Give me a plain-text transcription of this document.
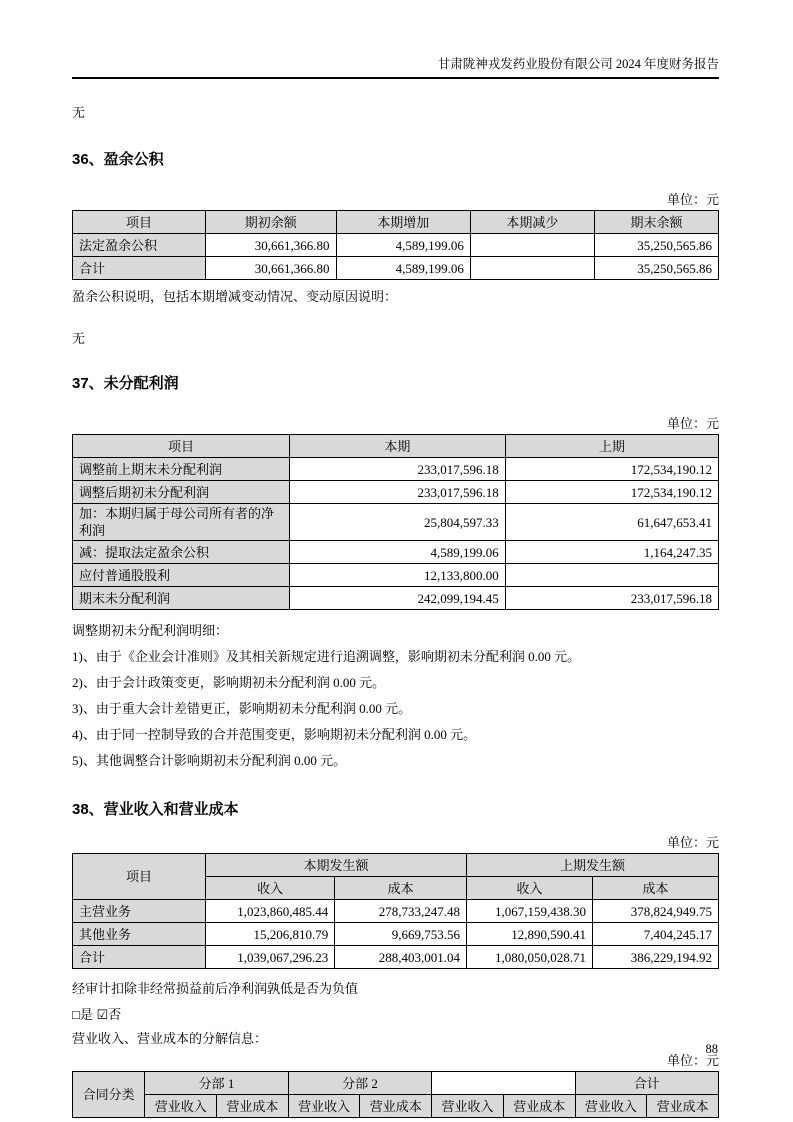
甘肃陇神戎发药业股份有限公司 2024 年度财务报告
无
36、盈余公积
单位：元
项目	期初余额	本期增加	本期减少	期末余额
法定盈余公积	30,661,366.80	4,589,199.06		35,250,565.86
合计	30,661,366.80	4,589,199.06		35,250,565.86
盈余公积说明，包括本期增减变动情况、变动原因说明：
无
37、未分配利润
单位：元
项目	本期	上期
调整前上期末未分配利润	233,017,596.18	172,534,190.12
调整后期初未分配利润	233,017,596.18	172,534,190.12
加：本期归属于母公司所有者的净利润	25,804,597.33	61,647,653.41
减：提取法定盈余公积	4,589,199.06	1,164,247.35
应付普通股股利	12,133,800.00	
期末未分配利润	242,099,194.45	233,017,596.18
调整期初未分配利润明细：
1)、由于《企业会计准则》及其相关新规定进行追溯调整，影响期初未分配利润 0.00 元。
2)、由于会计政策变更，影响期初未分配利润 0.00 元。
3)、由于重大会计差错更正，影响期初未分配利润 0.00 元。
4)、由于同一控制导致的合并范围变更，影响期初未分配利润 0.00 元。
5)、其他调整合计影响期初未分配利润 0.00 元。
38、营业收入和营业成本
单位：元
项目	本期发生额		上期发生额	
	收入	成本	收入	成本
主营业务	1,023,860,485.44	278,733,247.48	1,067,159,438.30	378,824,949.75
其他业务	15,206,810.79	9,669,753.56	12,890,590.41	7,404,245.17
合计	1,039,067,296.23	288,403,001.04	1,080,050,028.71	386,229,194.92
经审计扣除非经常损益前后净利润孰低是否为负值
□是 ☑否
营业收入、营业成本的分解信息：
单位：元
合同分类	分部 1		分部 2				合计	
	营业收入	营业成本	营业收入	营业成本	营业收入	营业成本	营业收入	营业成本
88
